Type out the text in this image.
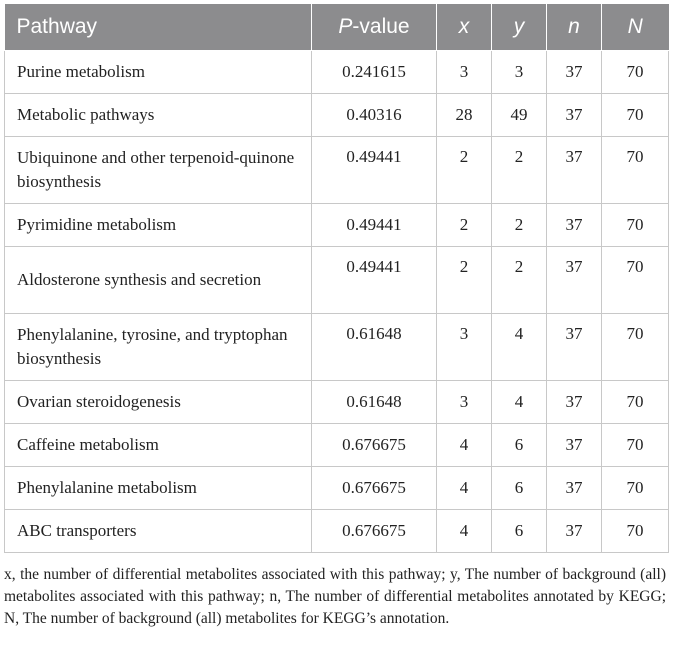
Pathway	P-value	x	y	n	N
Purine metabolism	0.241615	3	3	37	70
Metabolic pathways	0.40316	28	49	37	70
Ubiquinone and other terpenoid-quinone biosynthesis	0.49441	2	2	37	70
Pyrimidine metabolism	0.49441	2	2	37	70
Aldosterone synthesis and secretion	0.49441	2	2	37	70
Phenylalanine, tyrosine, and tryptophan biosynthesis	0.61648	3	4	37	70
Ovarian steroidogenesis	0.61648	3	4	37	70
Caffeine metabolism	0.676675	4	6	37	70
Phenylalanine metabolism	0.676675	4	6	37	70
ABC transporters	0.676675	4	6	37	70
x, the number of differential metabolites associated with this pathway; y, The number of background (all) metabolites associated with this pathway; n, The number of differential metabolites annotated by KEGG; N, The number of background (all) metabolites for KEGG’s annotation.
